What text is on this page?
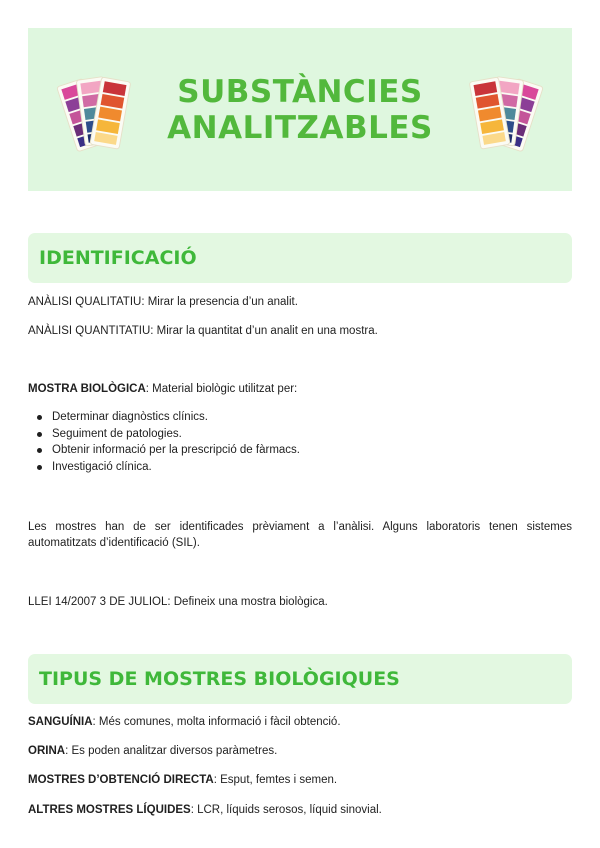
SUBSTÀNCIES
ANALITZABLES
IDENTIFICACIÓ
ANÀLISI QUALITATIU: Mirar la presencia d’un analit.
ANÀLISI QUANTITATIU: Mirar la quantitat d’un analit en una mostra.
MOSTRA BIOLÒGICA: Material biològic utilitzat per:
Determinar diagnòstics clínics.
Seguiment de patologies.
Obtenir informació per la prescripció de fàrmacs.
Investigació clínica.
Les mostres han de ser identificades prèviament a l’anàlisi. Alguns laboratoris tenen sistemes automatitzats d’identificació (SIL).
LLEI 14/2007 3 DE JULIOL: Defineix una mostra biològica.
TIPUS DE MOSTRES BIOLÒGIQUES
SANGUÍNIA: Més comunes, molta informació i fàcil obtenció.
ORINA: Es poden analitzar diversos paràmetres.
MOSTRES D’OBTENCIÓ DIRECTA: Esput, femtes i semen.
ALTRES MOSTRES LÍQUIDES: LCR, líquids serosos, líquid sinovial.
